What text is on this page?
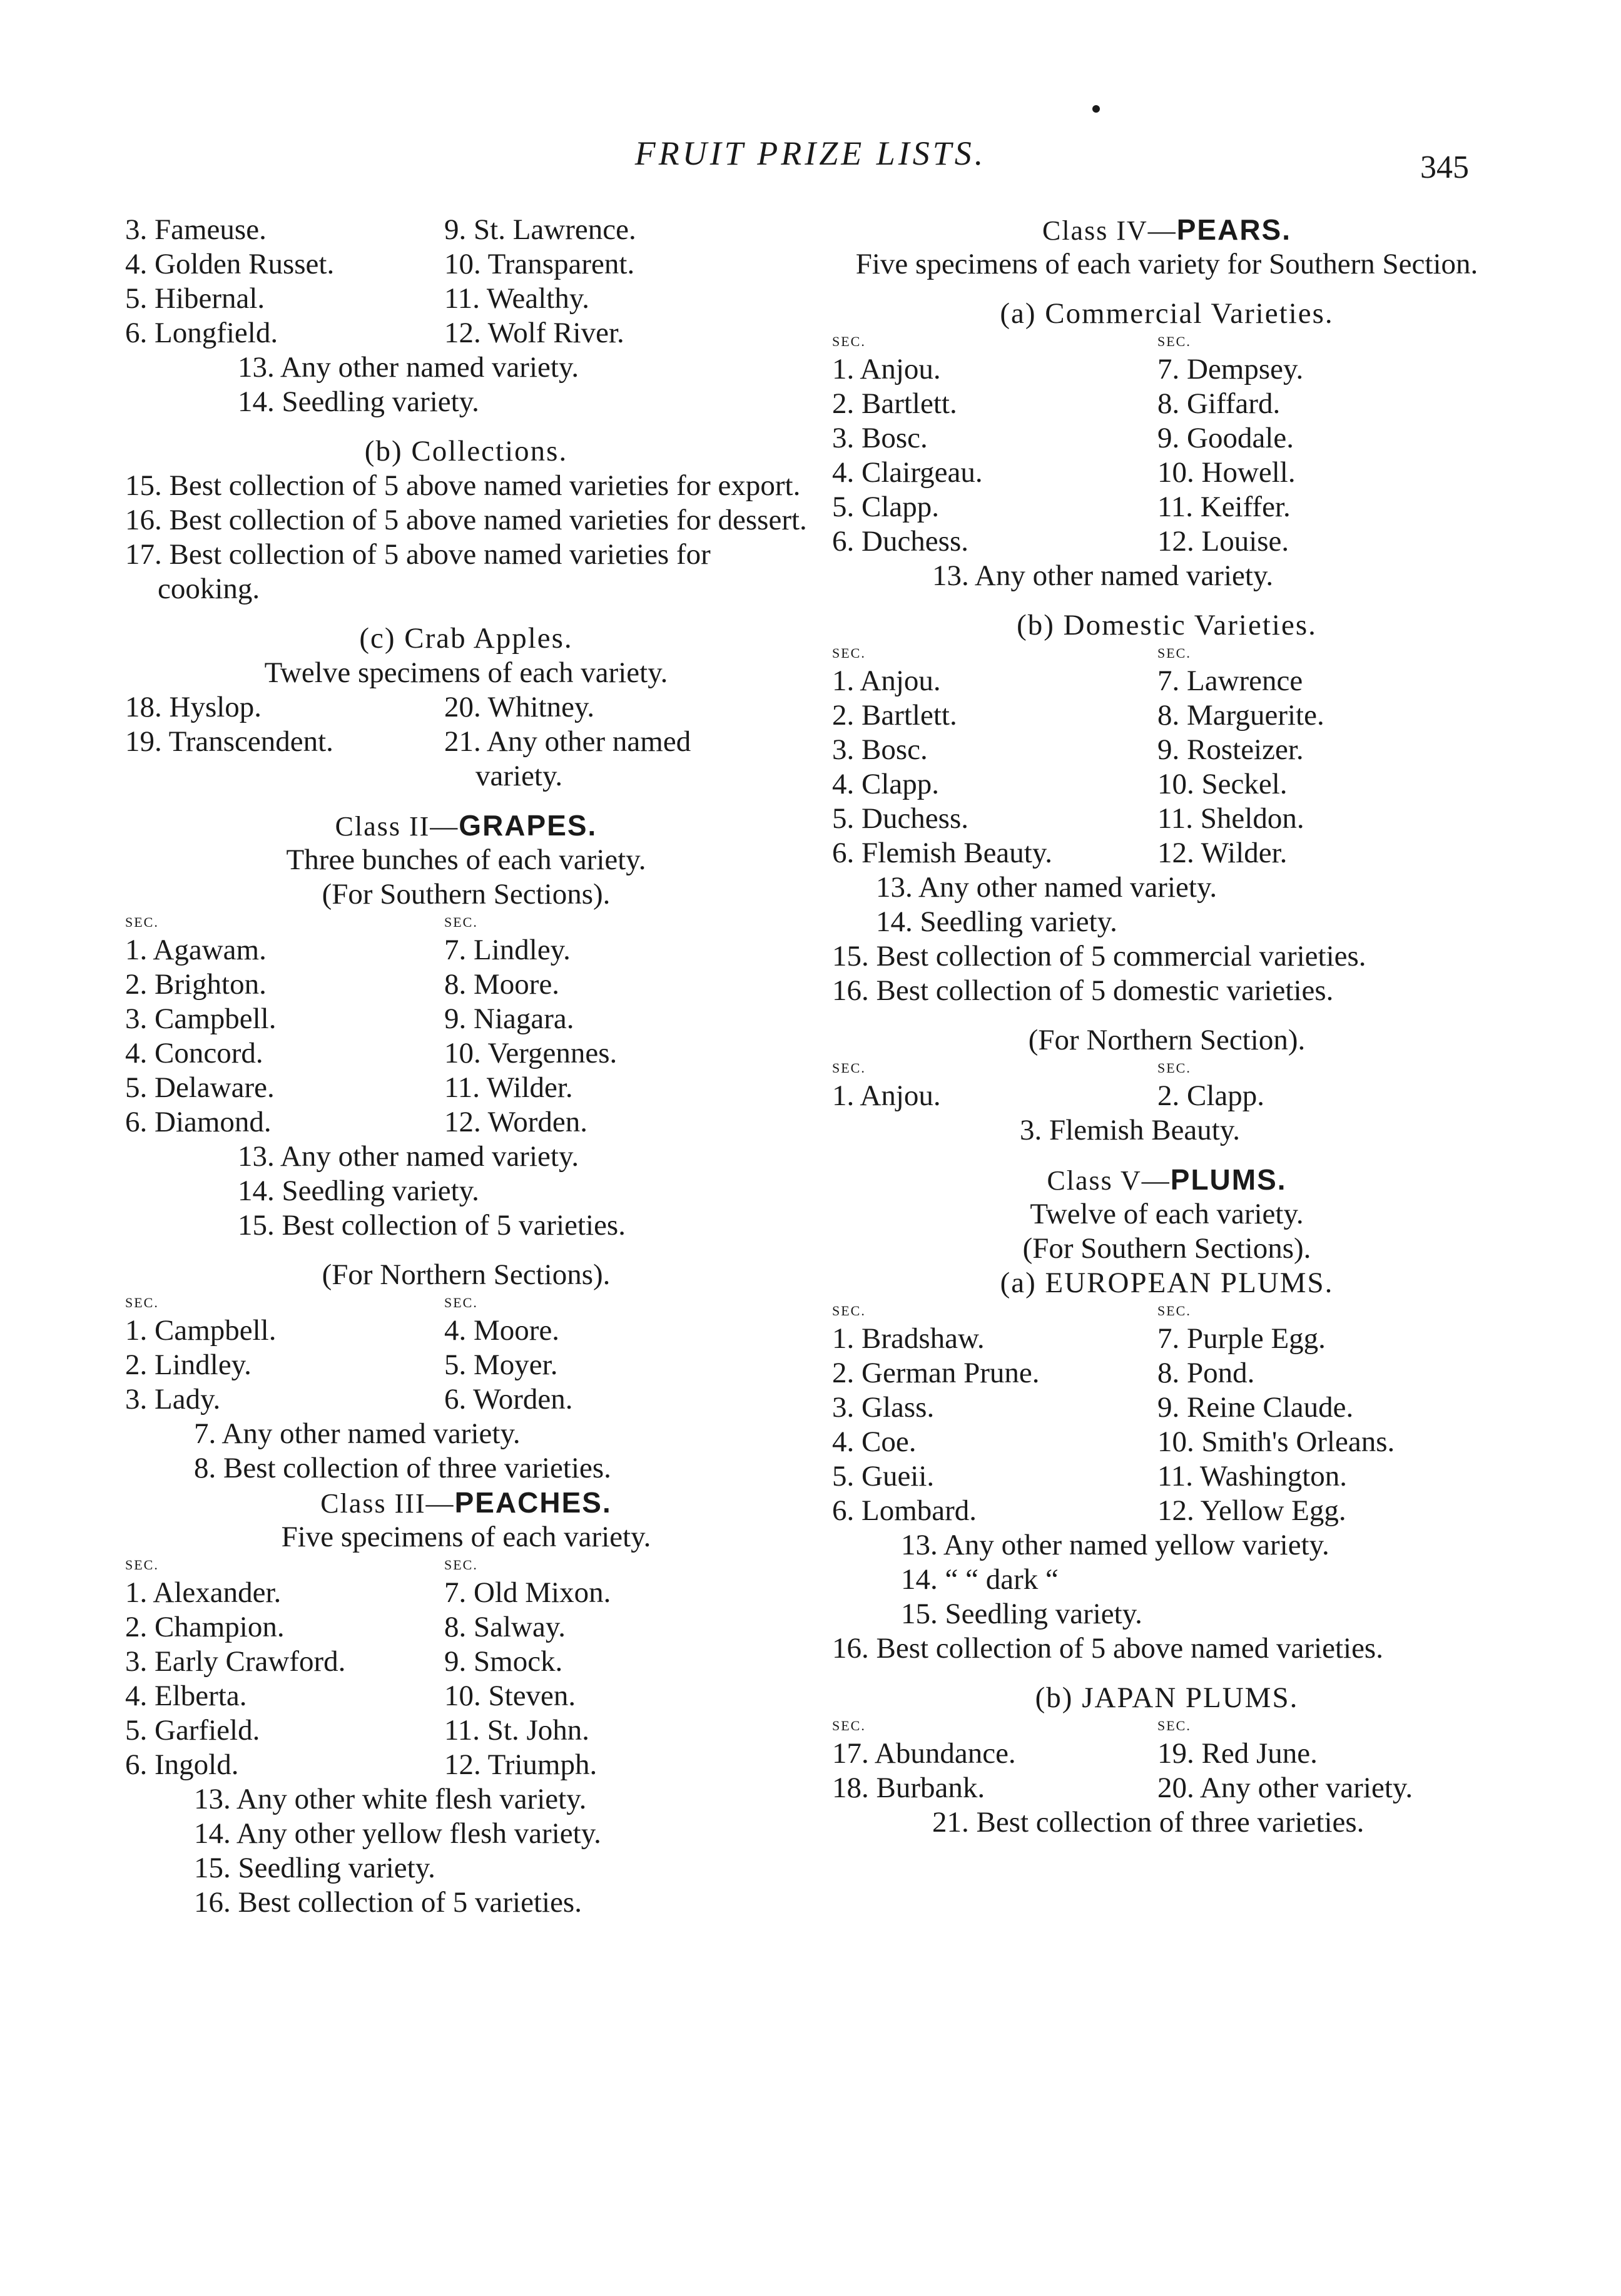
FRUIT PRIZE LISTS.	345
3. Fameuse.	9. St. Lawrence.
4. Golden Russet.	10. Transparent.
5. Hibernal.	11. Wealthy.
6. Longfield.	12. Wolf River.
13. Any other named variety.
14. Seedling variety.
(b) Collections.
15. Best collection of 5 above named varieties for export.
16. Best collection of 5 above named varieties for dessert.
17. Best collection of 5 above named varieties for cooking.
(c) Crab Apples.
Twelve specimens of each variety.
18. Hyslop.	20. Whitney.
19. Transcendent.	21. Any other named
variety.
Class II—GRAPES.
Three bunches of each variety.
(For Southern Sections).
SEC.	SEC.
1. Agawam.	7. Lindley.
2. Brighton.	8. Moore.
3. Campbell.	9. Niagara.
4. Concord.	10. Vergennes.
5. Delaware.	11. Wilder.
6. Diamond.	12. Worden.
13. Any other named variety.
14. Seedling variety.
15. Best collection of 5 varieties.
(For Northern Sections).
SEC.	SEC.
1. Campbell.	4. Moore.
2. Lindley.	5. Moyer.
3. Lady.	6. Worden.
7. Any other named variety.
8. Best collection of three varieties.
Class III—PEACHES.
Five specimens of each variety.
SEC.	SEC.
1. Alexander.	7. Old Mixon.
2. Champion.	8. Salway.
3. Early Crawford.	9. Smock.
4. Elberta.	10. Steven.
5. Garfield.	11. St. John.
6. Ingold.	12. Triumph.
13. Any other white flesh variety.
14. Any other yellow flesh variety.
15. Seedling variety.
16. Best collection of 5 varieties.
Class IV—PEARS.
Five specimens of each variety for Southern Section.
(a) Commercial Varieties.
SEC.	SEC.
1. Anjou.	7. Dempsey.
2. Bartlett.	8. Giffard.
3. Bosc.	9. Goodale.
4. Clairgeau.	10. Howell.
5. Clapp.	11. Keiffer.
6. Duchess.	12. Louise.
13. Any other named variety.
(b) Domestic Varieties.
SEC.	SEC.
1. Anjou.	7. Lawrence
2. Bartlett.	8. Marguerite.
3. Bosc.	9. Rosteizer.
4. Clapp.	10. Seckel.
5. Duchess.	11. Sheldon.
6. Flemish Beauty.	12. Wilder.
13. Any other named variety.
14. Seedling variety.
15. Best collection of 5 commercial varieties.
16. Best collection of 5 domestic varieties.
(For Northern Section).
SEC.	SEC.
1. Anjou.	2. Clapp.
3. Flemish Beauty.
Class V—PLUMS.
Twelve of each variety.
(For Southern Sections).
(a) EUROPEAN PLUMS.
SEC.	SEC.
1. Bradshaw.	7. Purple Egg.
2. German Prune.	8. Pond.
3. Glass.	9. Reine Claude.
4. Coe.	10. Smith's Orleans.
5. Gueii.	11. Washington.
6. Lombard.	12. Yellow Egg.
13. Any other named yellow variety.
14. “ “ dark “
15. Seedling variety.
16. Best collection of 5 above named varieties.
(b) JAPAN PLUMS.
SEC.	SEC.
17. Abundance.	19. Red June.
18. Burbank.	20. Any other variety.
21. Best collection of three varieties.
